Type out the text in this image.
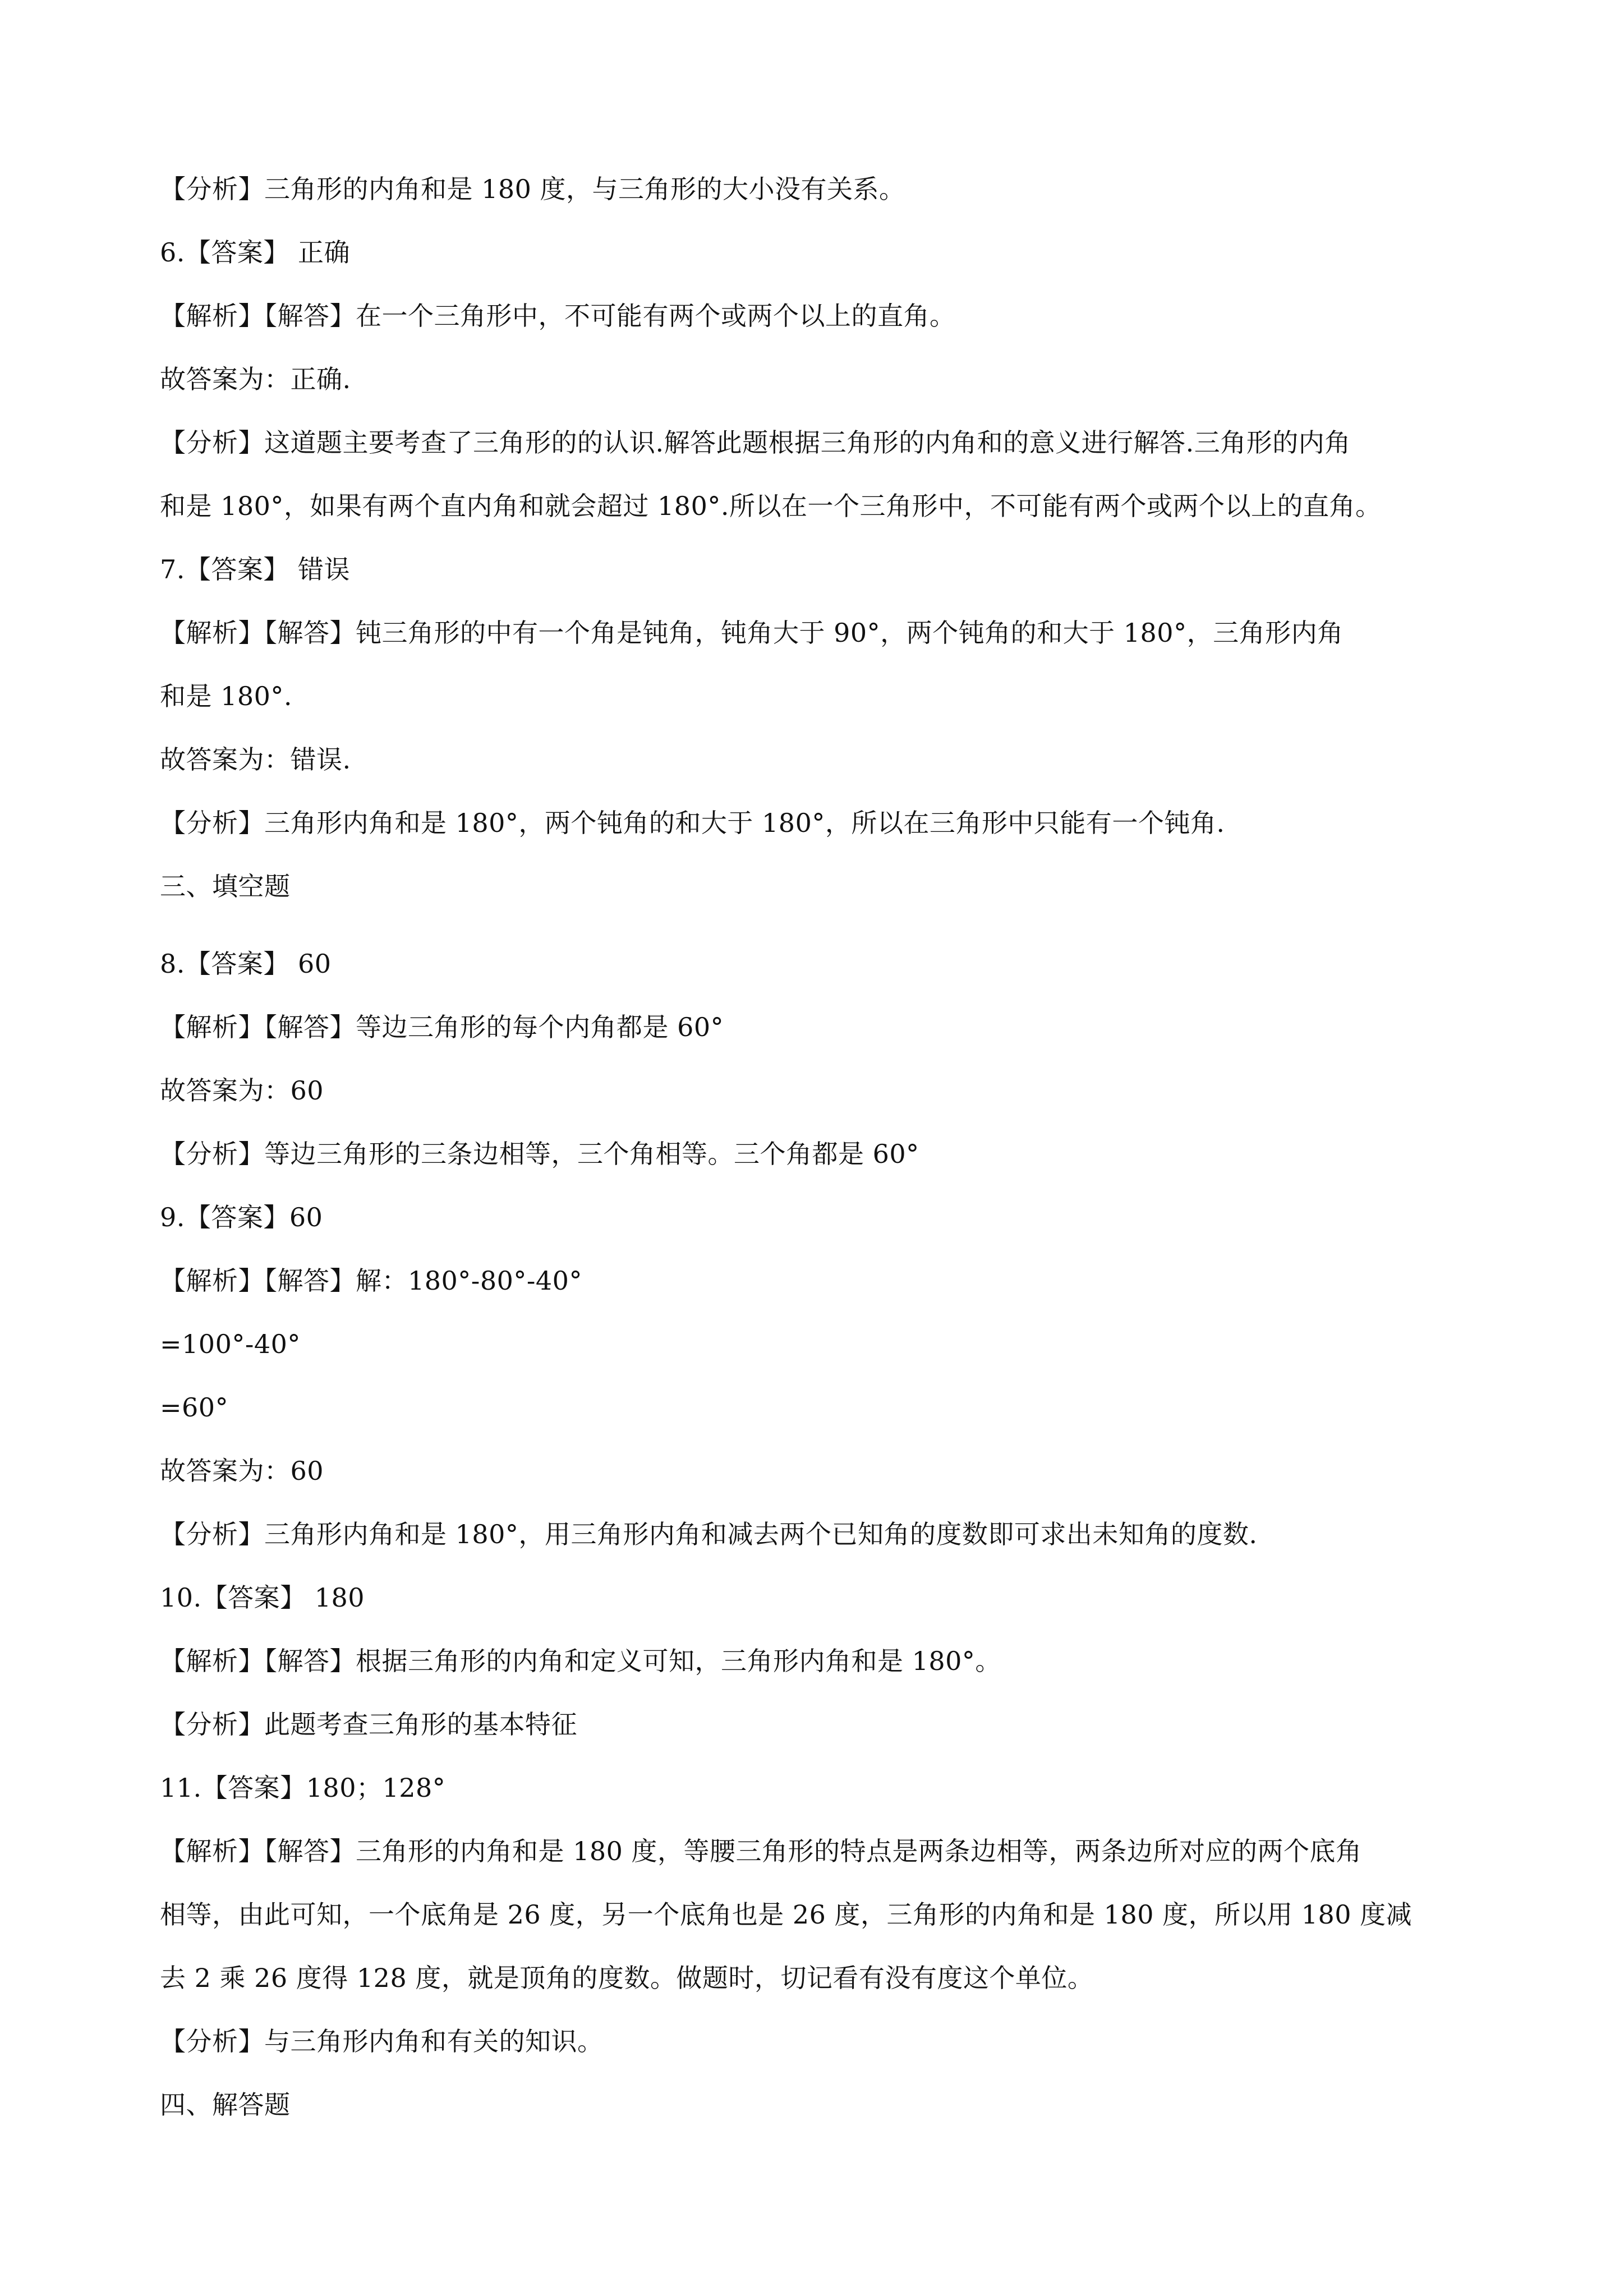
【分析】三角形的内角和是 180 度，与三角形的大小没有关系。
6.【答案】 正确
【解析】【解答】在一个三角形中，不可能有两个或两个以上的直角。
故答案为：正确.
【分析】这道题主要考查了三角形的的认识.解答此题根据三角形的内角和的意义进行解答.三角形的内角
和是 180°，如果有两个直内角和就会超过 180°.所以在一个三角形中，不可能有两个或两个以上的直角。
7.【答案】 错误
【解析】【解答】钝三角形的中有一个角是钝角，钝角大于 90°，两个钝角的和大于 180°，三角形内角
和是 180°.
故答案为：错误.
【分析】三角形内角和是 180°，两个钝角的和大于 180°，所以在三角形中只能有一个钝角.
三、填空题
8.【答案】 60
【解析】【解答】等边三角形的每个内角都是 60°
故答案为：60
【分析】等边三角形的三条边相等，三个角相等。三个角都是 60°
9.【答案】60
【解析】【解答】解：180°-80°-40°
=100°-40°
=60°
故答案为：60
【分析】三角形内角和是 180°，用三角形内角和减去两个已知角的度数即可求出未知角的度数.
10.【答案】 180
【解析】【解答】根据三角形的内角和定义可知，三角形内角和是 180°。
【分析】此题考查三角形的基本特征
11.【答案】180；128°
【解析】【解答】三角形的内角和是 180 度，等腰三角形的特点是两条边相等，两条边所对应的两个底角
相等，由此可知，一个底角是 26 度，另一个底角也是 26 度，三角形的内角和是 180 度，所以用 180 度减
去 2 乘 26 度得 128 度，就是顶角的度数。做题时，切记看有没有度这个单位。
【分析】与三角形内角和有关的知识。
四、解答题
